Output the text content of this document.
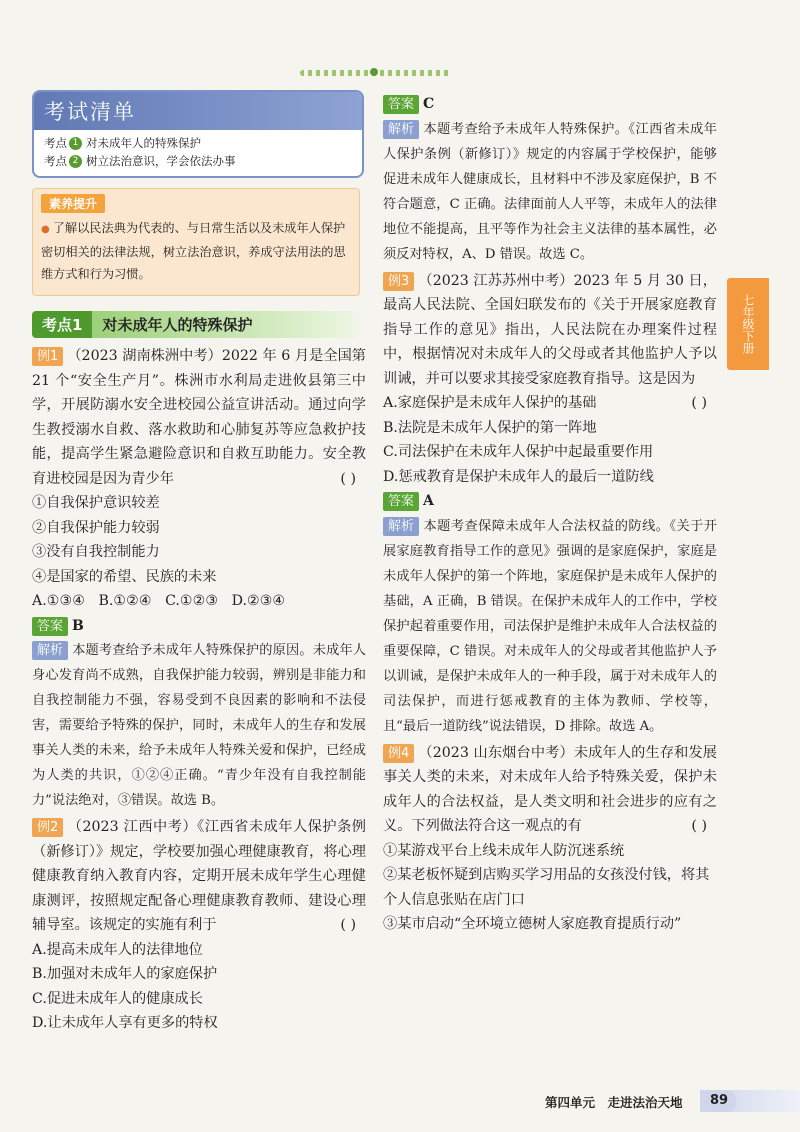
考试清单
考点 1 对未成年人的特殊保护
考点 2 树立法治意识，学会依法办事
素养提升
● 了解以民法典为代表的、与日常生活以及未成年人保护密切相关的法律法规，树立法治意识，养成守法用法的思维方式和行为习惯。
考点1	对未成年人的特殊保护

例1 （2023 湖南株洲中考）2022 年 6 月是全国第 21 个“安全生产月”。株洲市水利局走进攸县第三中学，开展防溺水安全进校园公益宣讲活动。通过向学生教授溺水自救、落水救助和心肺复苏等应急救护技能，提高学生紧急避险意识和自救互助能力。安全教育进校园是因为青少年	( )

①自我保护意识较差

②自我保护能力较弱

③没有自我控制能力

④是国家的希望、民族的未来

A.①③④   B.①②④   C.①②③   D.②③④

答案 B

解析 本题考查给予未成年人特殊保护的原因。未成年人身心发育尚不成熟，自我保护能力较弱，辨别是非能力和自我控制能力不强，容易受到不良因素的影响和不法侵害，需要给予特殊的保护，同时，未成年人的生存和发展事关人类的未来，给予未成年人特殊关爱和保护，已经成为人类的共识，①②④正确。“青少年没有自我控制能力”说法绝对，③错误。故选 B。

例2 （2023 江西中考）《江西省未成年人保护条例（新修订）》规定，学校要加强心理健康教育，将心理健康教育纳入教育内容，定期开展未成年学生心理健康测评，按照规定配备心理健康教育教师、建设心理辅导室。该规定的实施有利于	( )

A.提高未成年人的法律地位

B.加强对未成年人的家庭保护

C.促进未成年人的健康成长

D.让未成年人享有更多的特权

答案 C

解析 本题考查给予未成年人特殊保护。《江西省未成年人保护条例（新修订）》规定的内容属于学校保护，能够促进未成年人健康成长，且材料中不涉及家庭保护，B 不符合题意，C 正确。法律面前人人平等，未成年人的法律地位不能提高，且平等作为社会主义法律的基本属性，必须反对特权，A、D 错误。故选 C。

例3 （2023 江苏苏州中考）2023 年 5 月 30 日，最高人民法院、全国妇联发布的《关于开展家庭教育指导工作的意见》指出，人民法院在办理案件过程中，根据情况对未成年人的父母或者其他监护人予以训诫，并可以要求其接受家庭教育指导。这是因为
( )

A.家庭保护是未成年人保护的基础

B.法院是未成年人保护的第一阵地

C.司法保护在未成年人保护中起最重要作用

D.惩戒教育是保护未成年人的最后一道防线

答案 A

解析 本题考查保障未成年人合法权益的防线。《关于开展家庭教育指导工作的意见》强调的是家庭保护，家庭是未成年人保护的第一个阵地，家庭保护是未成年人保护的基础，A 正确，B 错误。在保护未成年人的工作中，学校保护起着重要作用，司法保护是维护未成年人合法权益的重要保障，C 错误。对未成年人的父母或者其他监护人予以训诫，是保护未成年人的一种手段，属于对未成年人的司法保护，而进行惩戒教育的主体为教师、学校等，且“最后一道防线”说法错误，D 排除。故选 A。

例4 （2023 山东烟台中考）未成年人的生存和发展事关人类的未来，对未成年人给予特殊关爱，保护未成年人的合法权益，是人类文明和社会进步的应有之义。下列做法符合这一观点的有	( )

①某游戏平台上线未成年人防沉迷系统

②某老板怀疑到店购买学习用品的女孩没付钱，将其个人信息张贴在店门口

③某市启动“全环境立德树人家庭教育提质行动”

七年级下册
第四单元　走进法治天地	89
